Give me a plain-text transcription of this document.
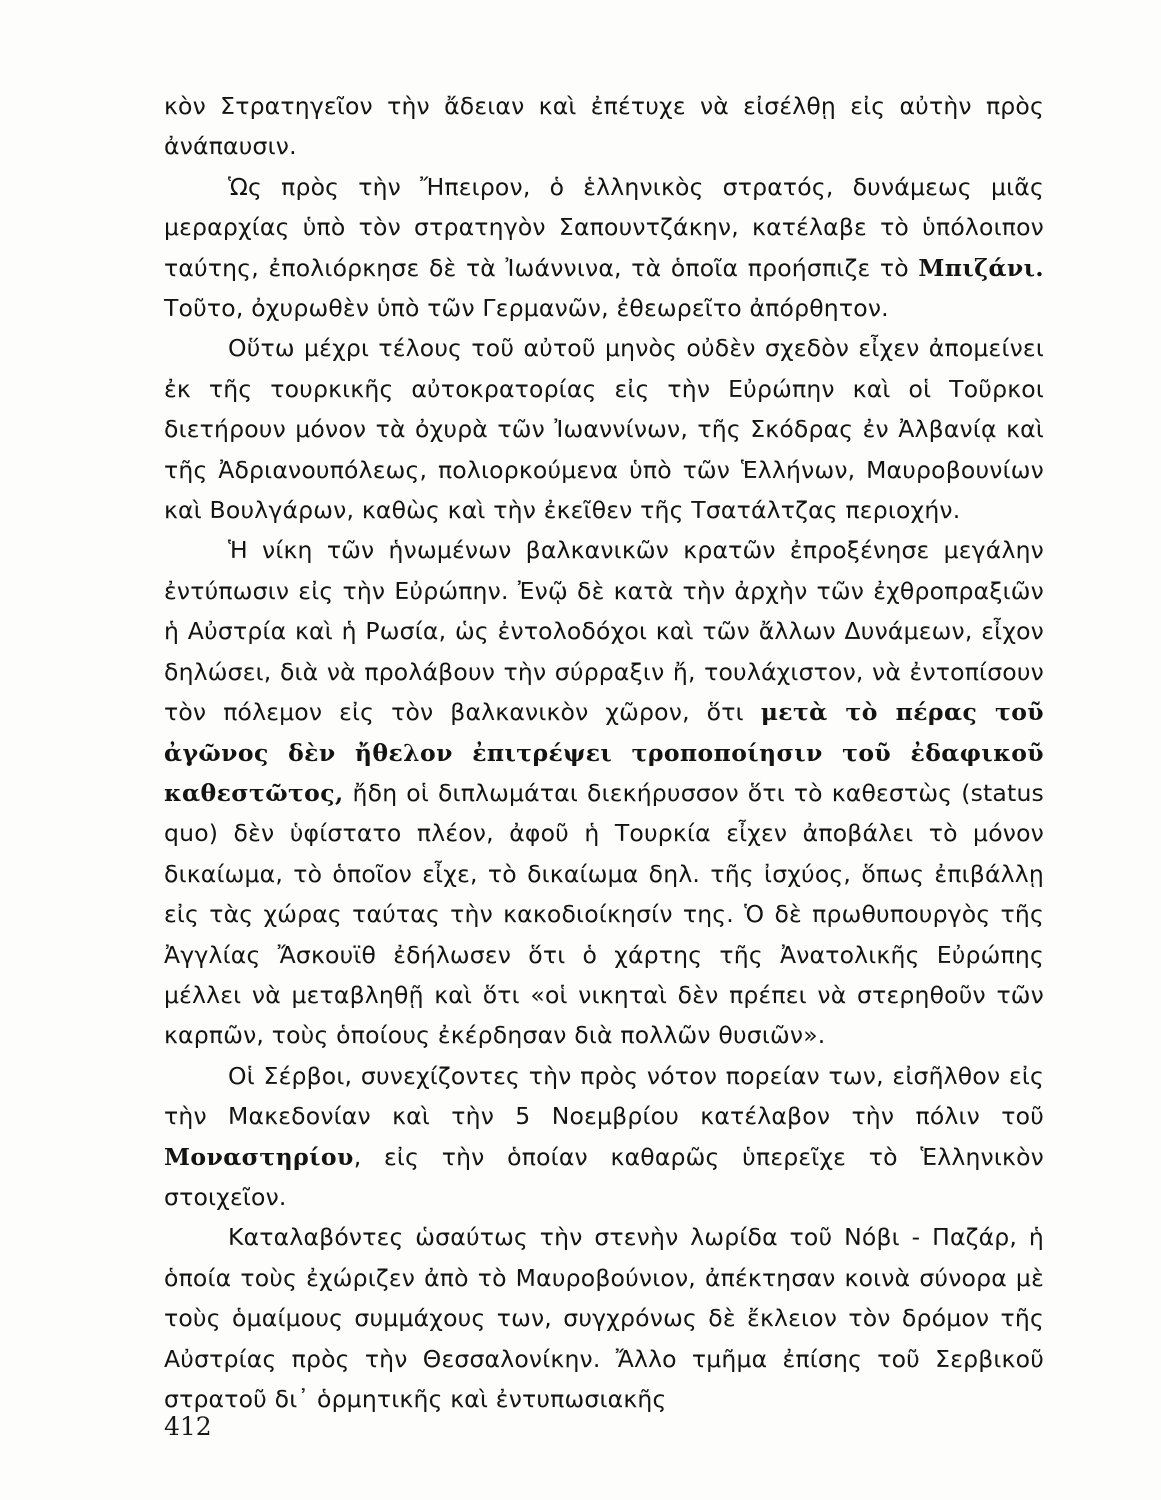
κὸν Στρατηγεῖον τὴν ἄδειαν καὶ ἐπέτυχε νὰ εἰσέλθῃ εἰς αὐτὴν πρὸς ἀνάπαυσιν.

Ὡς πρὸς τὴν Ἤπειρον, ὁ ἑλληνικὸς στρατός, δυνάμεως μιᾶς μεραρχίας ὑπὸ τὸν στρατηγὸν Σαπουντζάκην, κατέλαβε τὸ ὑπόλοιπον ταύτης, ἐπολιόρκησε δὲ τὰ Ἰωάννινα, τὰ ὁποῖα προήσπιζε τὸ Μπιζάνι. Τοῦτο, ὀχυρωθὲν ὑπὸ τῶν Γερμανῶν, ἐθεωρεῖτο ἀπόρθητον.

Οὕτω μέχρι τέλους τοῦ αὐτοῦ μηνὸς οὐδὲν σχεδὸν εἶχεν ἀπομείνει ἐκ τῆς τουρκικῆς αὐτοκρατορίας εἰς τὴν Εὐρώπην καὶ οἱ Τοῦρκοι διετήρουν μόνον τὰ ὀχυρὰ τῶν Ἰωαννίνων, τῆς Σκόδρας ἐν Ἀλβανίᾳ καὶ τῆς Ἀδριανουπόλεως, πολιορκούμενα ὑπὸ τῶν Ἑλλήνων, Μαυροβουνίων καὶ Βουλγάρων, καθὼς καὶ τὴν ἐκεῖθεν τῆς Τσατάλτζας περιοχήν.

Ἡ νίκη τῶν ἡνωμένων βαλκανικῶν κρατῶν ἐπροξένησε μεγάλην ἐντύπωσιν εἰς τὴν Εὐρώπην. Ἐνῷ δὲ κατὰ τὴν ἀρχὴν τῶν ἐχθροπραξιῶν ἡ Αὐστρία καὶ ἡ Ρωσία, ὡς ἐντολοδόχοι καὶ τῶν ἄλλων Δυνάμεων, εἶχον δηλώσει, διὰ νὰ προλάβουν τὴν σύρραξιν ἤ, τουλάχιστον, νὰ ἐντοπίσουν τὸν πόλεμον εἰς τὸν βαλκανικὸν χῶρον, ὅτι μετὰ τὸ πέρας τοῦ ἀγῶνος δὲν ἤθελον ἐπιτρέψει τροποποίησιν τοῦ ἐδαφικοῦ καθεστῶτος, ἤδη οἱ διπλωμάται διεκήρυσσον ὅτι τὸ καθεστὼς (status quo) δὲν ὑφίστατο πλέον, ἀφοῦ ἡ Τουρκία εἶχεν ἀποβάλει τὸ μόνον δικαίωμα, τὸ ὁποῖον εἶχε, τὸ δικαίωμα δηλ. τῆς ἰσχύος, ὅπως ἐπιβάλλῃ εἰς τὰς χώρας ταύτας τὴν κακοδιοίκησίν της. Ὁ δὲ πρωθυπουργὸς τῆς Ἀγγλίας Ἄσκουϊθ ἐδήλωσεν ὅτι ὁ χάρτης τῆς Ἀνατολικῆς Εὐρώπης μέλλει νὰ μεταβληθῇ καὶ ὅτι «οἱ νικηταὶ δὲν πρέπει νὰ στερηθοῦν τῶν καρπῶν, τοὺς ὁποίους ἐκέρδησαν διὰ πολλῶν θυσιῶν».

Οἱ Σέρβοι, συνεχίζοντες τὴν πρὸς νότον πορείαν των, εἰσῆλθον εἰς τὴν Μακεδονίαν καὶ τὴν 5 Νοεμβρίου κατέλαβον τὴν πόλιν τοῦ Μοναστηρίου, εἰς τὴν ὁποίαν καθαρῶς ὑπερεῖχε τὸ Ἑλληνικὸν στοιχεῖον.

Καταλαβόντες ὡσαύτως τὴν στενὴν λωρίδα τοῦ Νόβι - Παζάρ, ἡ ὁποία τοὺς ἐχώριζεν ἀπὸ τὸ Μαυροβούνιον, ἀπέκτησαν κοινὰ σύνορα μὲ τοὺς ὁμαίμους συμμάχους των, συγχρόνως δὲ ἔκλειον τὸν δρόμον τῆς Αὐστρίας πρὸς τὴν Θεσσαλονίκην. Ἄλλο τμῆμα ἐπίσης τοῦ Σερβικοῦ στρατοῦ δι᾽ ὁρμητικῆς καὶ ἐντυπωσιακῆς

412
